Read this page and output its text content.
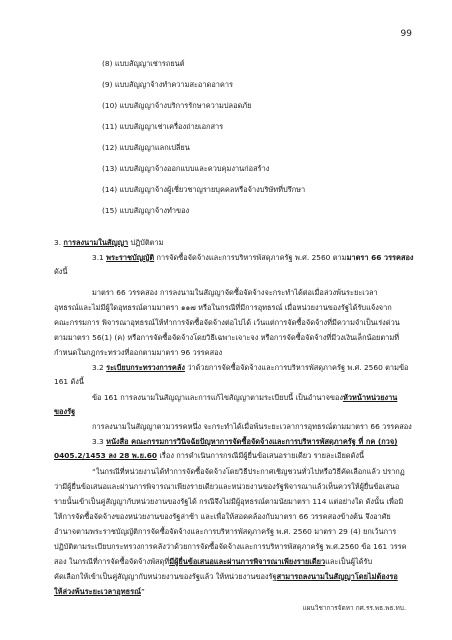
99
(8) แบบสัญญาเช่ารถยนต์
(9) แบบสัญญาจ้างทำความสะอาดอาคาร
(10) แบบสัญญาจ้างบริการรักษาความปลอดภัย
(11) แบบสัญญาเช่าเครื่องถ่ายเอกสาร
(12) แบบสัญญาแลกเปลี่ยน
(13) แบบสัญญาจ้างออกแบบและควบคุมงานก่อสร้าง
(14) แบบสัญญาจ้างผู้เชี่ยวชาญรายบุคคลหรือจ้างบริษัทที่ปรึกษา
(15) แบบสัญญาจ้างทำของ
3. การลงนามในสัญญา ปฏิบัติตาม
3.1 พระราชบัญญัติ การจัดซื้อจัดจ้างและการบริหารพัสดุภาครัฐ พ.ศ. 2560 ตามมาตรา 66 วรรคสอง
ดังนี้
มาตรา 66 วรรคสอง การลงนามในสัญญาจัดซื้อจัดจ้างจะกระทำได้ต่อเมื่อล่วงพ้นระยะเวลา
อุทธรณ์และไม่มีผู้ใดอุทธรณ์ตามมาตรา ๑๑๗ หรือในกรณีที่มีการอุทธรณ์ เมื่อหน่วยงานของรัฐได้รับแจ้งจาก
คณะกรรมการ พิจารณาอุทธรณ์ให้ทำการจัดซื้อจัดจ้างต่อไปได้ เว้นแต่การจัดซื้อจัดจ้างที่มีความจำเป็นเร่งด่วน
ตามมาตรา 56(1) (ค) หรือการจัดซื้อจัดจ้างโดยวิธีเฉพาะเจาะจง หรือการจัดซื้อจัดจ้างที่มีวงเงินเล็กน้อยตามที่
กำหนดในกฎกระทรวงที่ออกตามมาตรา 96 วรรคสอง
3.2 ระเบียบกระทรวงการคลัง ว่าด้วยการจัดซื้อจัดจ้างและการบริหารพัสดุภาครัฐ พ.ศ. 2560 ตามข้อ
161 ดังนี้
ข้อ 161 การลงนามในสัญญาและการแก้ไขสัญญาตามระเบียบนี้ เป็นอำนาจของหัวหน้าหน่วยงาน
ของรัฐ
การลงนามในสัญญาตามวรรคหนึ่ง จะกระทำได้เมื่อพ้นระยะเวลาการอุทธรณ์ตามมาตรา 66 วรรคสอง
3.3 หนังสือ คณะกรรมการวินิจฉัยปัญหาการจัดซื้อจัดจ้างและการบริหารพัสดุภาครัฐ ที่ กค (กวจ)
0405.2/1453 ลง 28 พ.ย.60 เรื่อง การดำเนินการกรณีมีผู้ยื่นข้อเสนอรายเดียว รายละเอียดดังนี้
“ในกรณีที่หน่วยงานได้ทำการจัดซื้อจัดจ้างโดยวิธีประกาศเชิญชวนทั่วไปหรือวิธีคัดเลือกแล้ว ปรากฏ
ว่ามีผู้ยื่นข้อเสนอและผ่านการพิจารณาเพียงรายเดียวและหน่วยงานของรัฐพิจารณาแล้วเห็นควรให้ผู้ยื่นข้อเสนอ
รายนั้นเข้าเป็นคู่สัญญากับหน่วยงานของรัฐได้ กรณีจึงไม่มีผู้อุทธรณ์ตามนัยมาตรา 114 แต่อย่างใด ดังนั้น เพื่อมิ
ให้การจัดซื้อจัดจ้างของหน่วยงานของรัฐล่าช้า และเพื่อให้สอดคล้องกับมาตรา 66 วรรคสองข้างต้น จึงอาศัย
อำนาจตามพระราชบัญญัติการจัดซื้อจัดจ้างและการบริหารพัสดุภาครัฐ พ.ศ. 2560 มาตรา 29 (4) ยกเว้นการ
ปฏิบัติตามระเบียบกระทรวงการคลังว่าด้วยการจัดซื้อจัดจ้างและการบริหารพัสดุภาครัฐ พ.ศ.2560 ข้อ 161 วรรค
สอง ในกรณีที่การจัดซื้อจัดจ้างพัสดุที่มีผู้ยื่นข้อเสนอและผ่านการพิจารณาเพียงรายเดียวและเป็นผู้ได้รับ
คัดเลือกให้เข้าเป็นคู่สัญญากับหน่วยงานของรัฐแล้ว ให้หน่วยงานของรัฐสามารถลงนามในสัญญาโดยไม่ต้องรอ
ให้ล่วงพ้นระยะเวลาอุทธรณ์”
แผนวิชาการจัดหา กศ.รร.พธ.พธ.ทบ.
